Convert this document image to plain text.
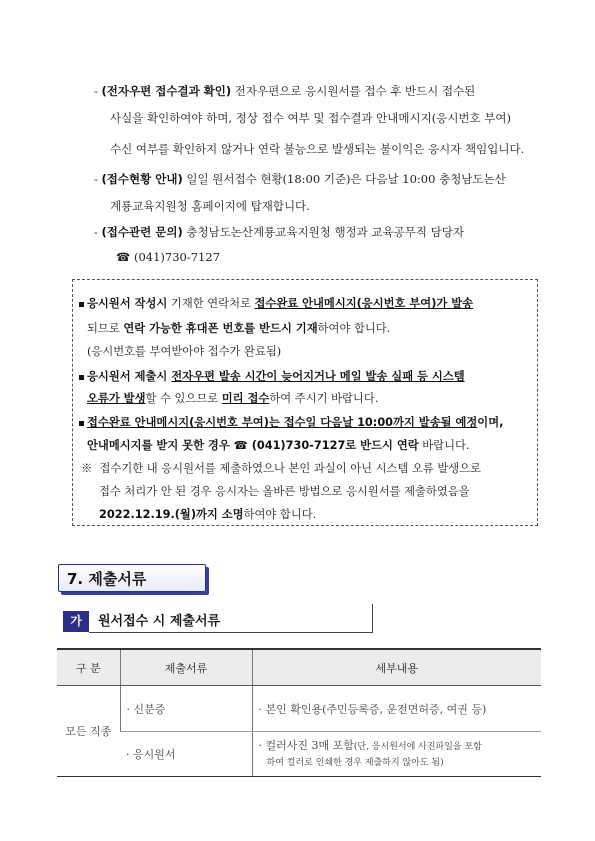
- (전자우편 접수결과 확인) 전자우편으로 응시원서를 접수 후 반드시 접수된
사실을 확인하여야 하며, 정상 접수 여부 및 접수결과 안내메시지(응시번호 부여)
수신 여부를 확인하지 않거나 연락 불능으로 발생되는 불이익은 응시자 책임입니다.
- (접수현황 안내) 일일 원서접수 현황(18:00 기준)은 다음날 10:00 충청남도논산
계룡교육지원청 홈페이지에 탑재합니다.
- (접수관련 문의) 충청남도논산계룡교육지원청 행정과 교육공무직 담당자
☎ (041)730-7127
응시원서 작성시 기재한 연락처로 접수완료 안내메시지(응시번호 부여)가 발송
되므로 연락 가능한 휴대폰 번호를 반드시 기재하여야 합니다.
(응시번호를 부여받아야 접수가 완료됨)
응시원서 제출시 전자우편 발송 시간이 늦어지거나 메일 발송 실패 등 시스템
오류가 발생할 수 있으므로 미리 접수하여 주시기 바랍니다.
접수완료 안내메시지(응시번호 부여)는 접수일 다음날 10:00까지 발송될 예정이며,
안내메시지를 받지 못한 경우 ☎ (041)730-7127로 반드시 연락 바랍니다.
※ 접수기한 내 응시원서를 제출하였으나 본인 과실이 아닌 시스템 오류 발생으로
접수 처리가 안 된 경우 응시자는 올바른 방법으로 응시원서를 제출하였음을
2022.12.19.(월)까지 소명하여야 합니다.
7. 제출서류
가	원서접수 시 제출서류
구 분	제출서류	세부내용
모든 직종	· 신분증	· 본인 확인용(주민등록증, 운전면허증, 여권 등)
	· 응시원서	· 컬러사진 3매 포함(단, 응시원서에 사진파일을 포함
하여 컬러로 인쇄한 경우 제출하지 않아도 됨)
